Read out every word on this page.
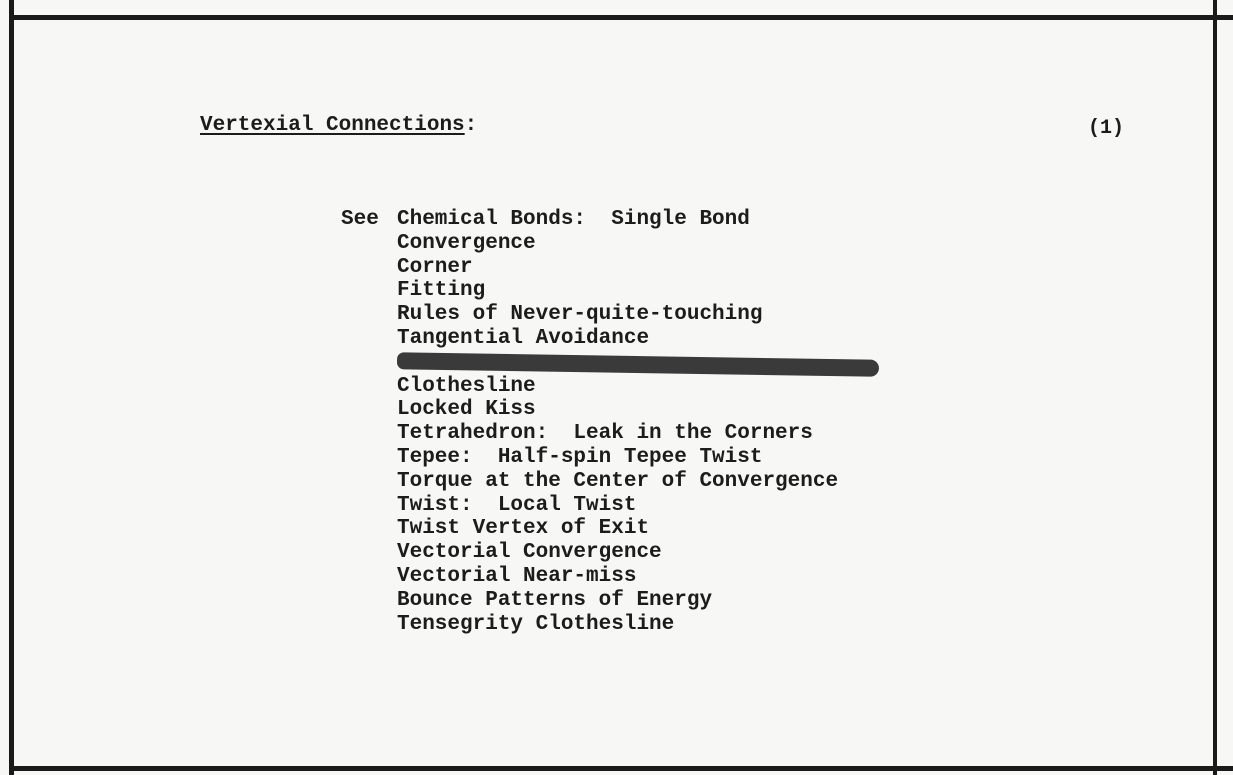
Vertexial Connections:	(1)
See Chemical Bonds:  Single Bond
Convergence
Corner
Fitting
Rules of Never-quite-touching
Tangential Avoidance
Clothesline
Locked Kiss
Tetrahedron:  Leak in the Corners
Tepee:  Half-spin Tepee Twist
Torque at the Center of Convergence
Twist:  Local Twist
Twist Vertex of Exit
Vectorial Convergence
Vectorial Near-miss
Bounce Patterns of Energy
Tensegrity Clothesline
